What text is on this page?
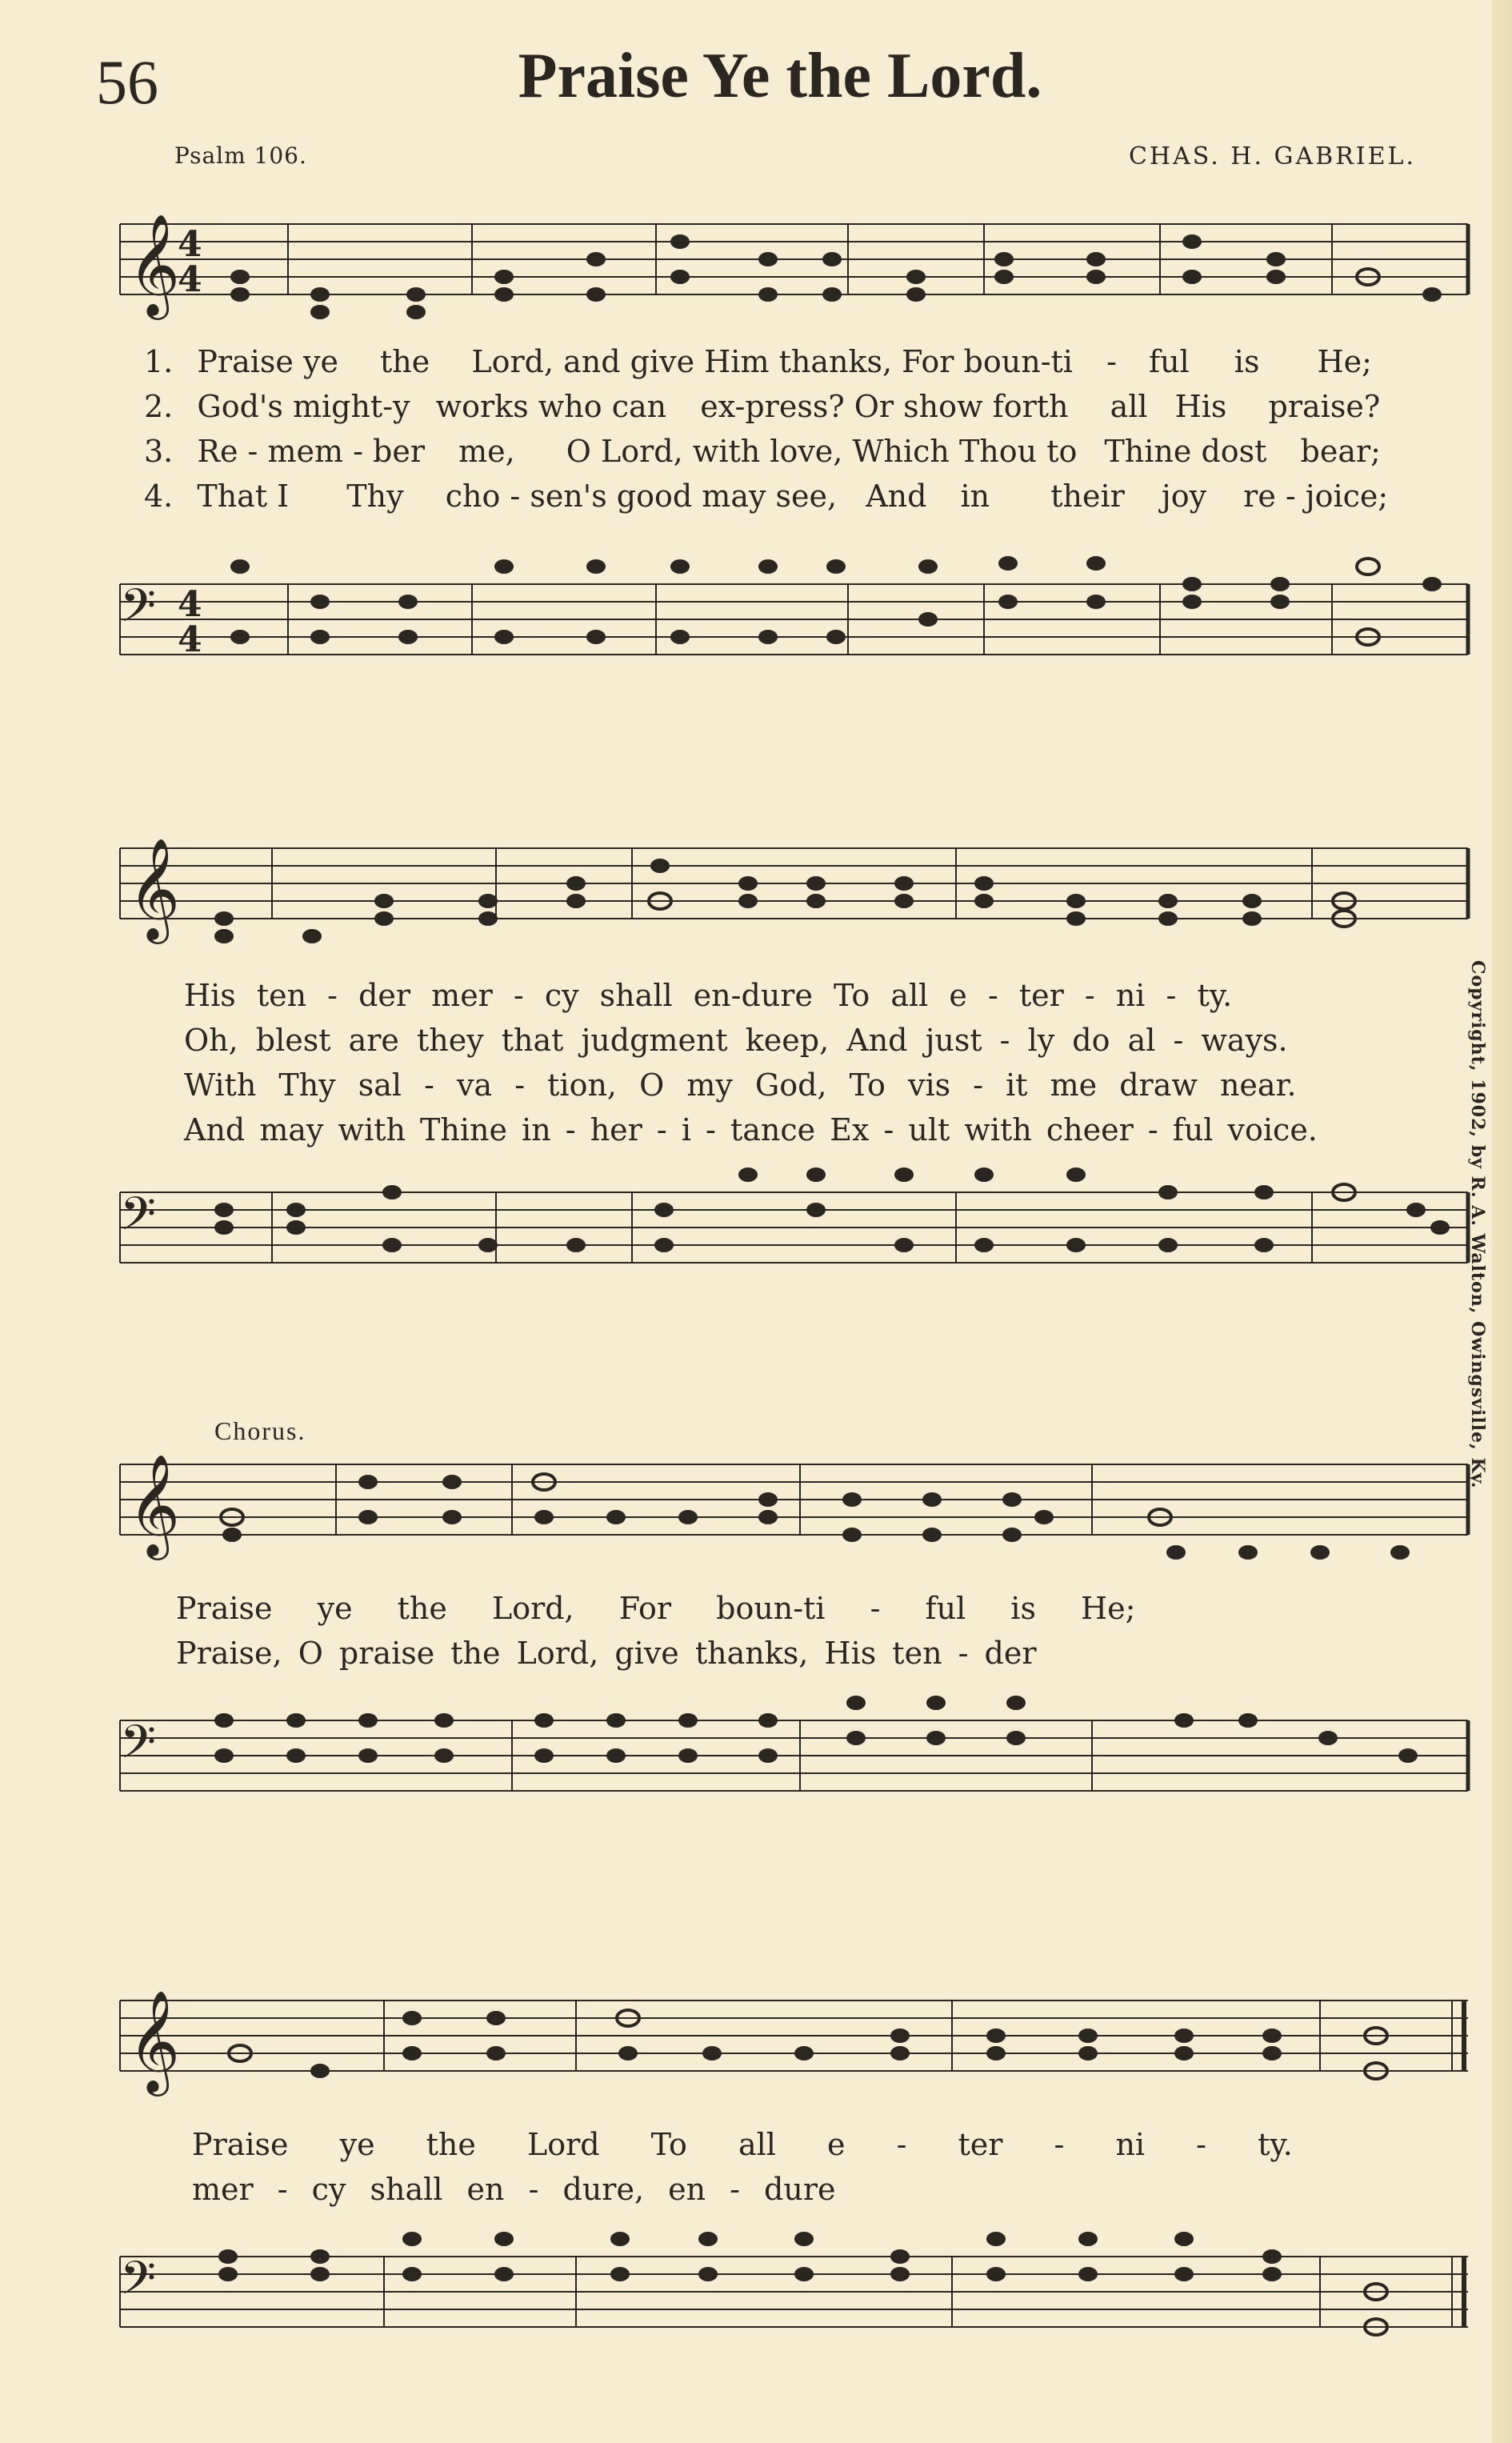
56	Praise Ye the Lord.
Psalm 106.	CHAS. H. GABRIEL.
Copyright, 1902, by R. A. Walton, Owingsville, Ky.
𝄞
4
4
𝄢 4
4
1. Praise ye the Lord, and give Him thanks, For boun-ti - ful is He;
2. God's might-y works who can ex-press? Or show forth all His praise?
3. Re - mem - ber me, O Lord, with love, Which Thou to Thine dost bear;
4. That I Thy cho - sen's good may see, And in their joy re - joice;
𝄞
His ten - der mer - cy shall en-dure To all e - ter - ni - ty.
Oh, blest are they that judgment keep, And just - ly do al - ways.
With Thy sal - va - tion, O my God, To vis - it me draw near.
And may with Thine in - her - i - tance Ex - ult with cheer - ful voice.
𝄢
Chorus.
𝄞
Praise ye the Lord, For boun-ti - ful is He;
Praise, O praise the Lord, give thanks, His ten - der
𝄢
𝄞
Praise ye the Lord To all e - ter - ni - ty.
mer - cy shall en - dure, en - dure
𝄢
